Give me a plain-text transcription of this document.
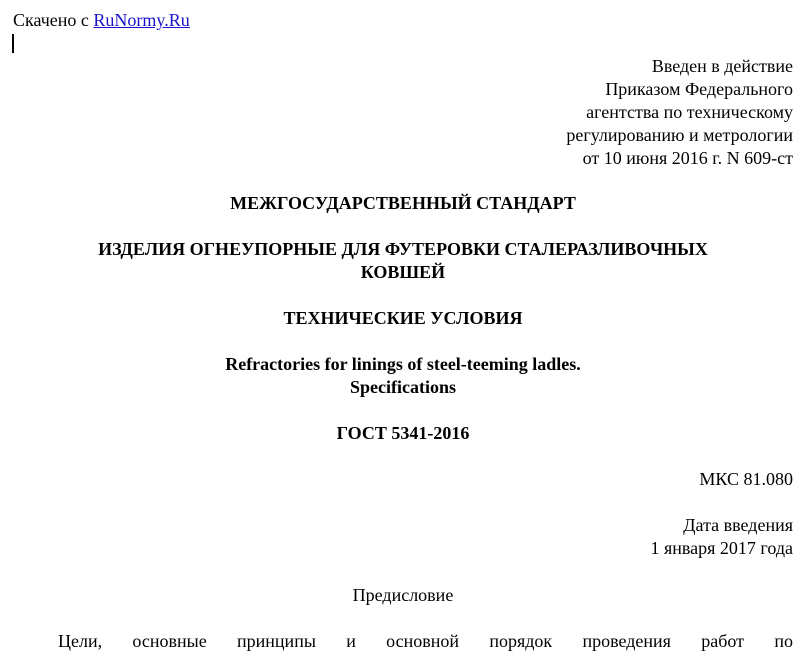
Скачено с RuNormy.Ru
Введен в действие
Приказом Федерального
агентства по техническому
регулированию и метрологии
от 10 июня 2016 г. N 609-ст
МЕЖГОСУДАРСТВЕННЫЙ СТАНДАРТ
ИЗДЕЛИЯ ОГНЕУПОРНЫЕ ДЛЯ ФУТЕРОВКИ СТАЛЕРАЗЛИВОЧНЫХ
КОВШЕЙ
ТЕХНИЧЕСКИЕ УСЛОВИЯ
Refractories for linings of steel-teeming ladles.
Specifications
ГОСТ 5341-2016
МКС 81.080
Дата введения
1 января 2017 года
Предисловие
Цели, основные принципы и основной порядок проведения работ по
